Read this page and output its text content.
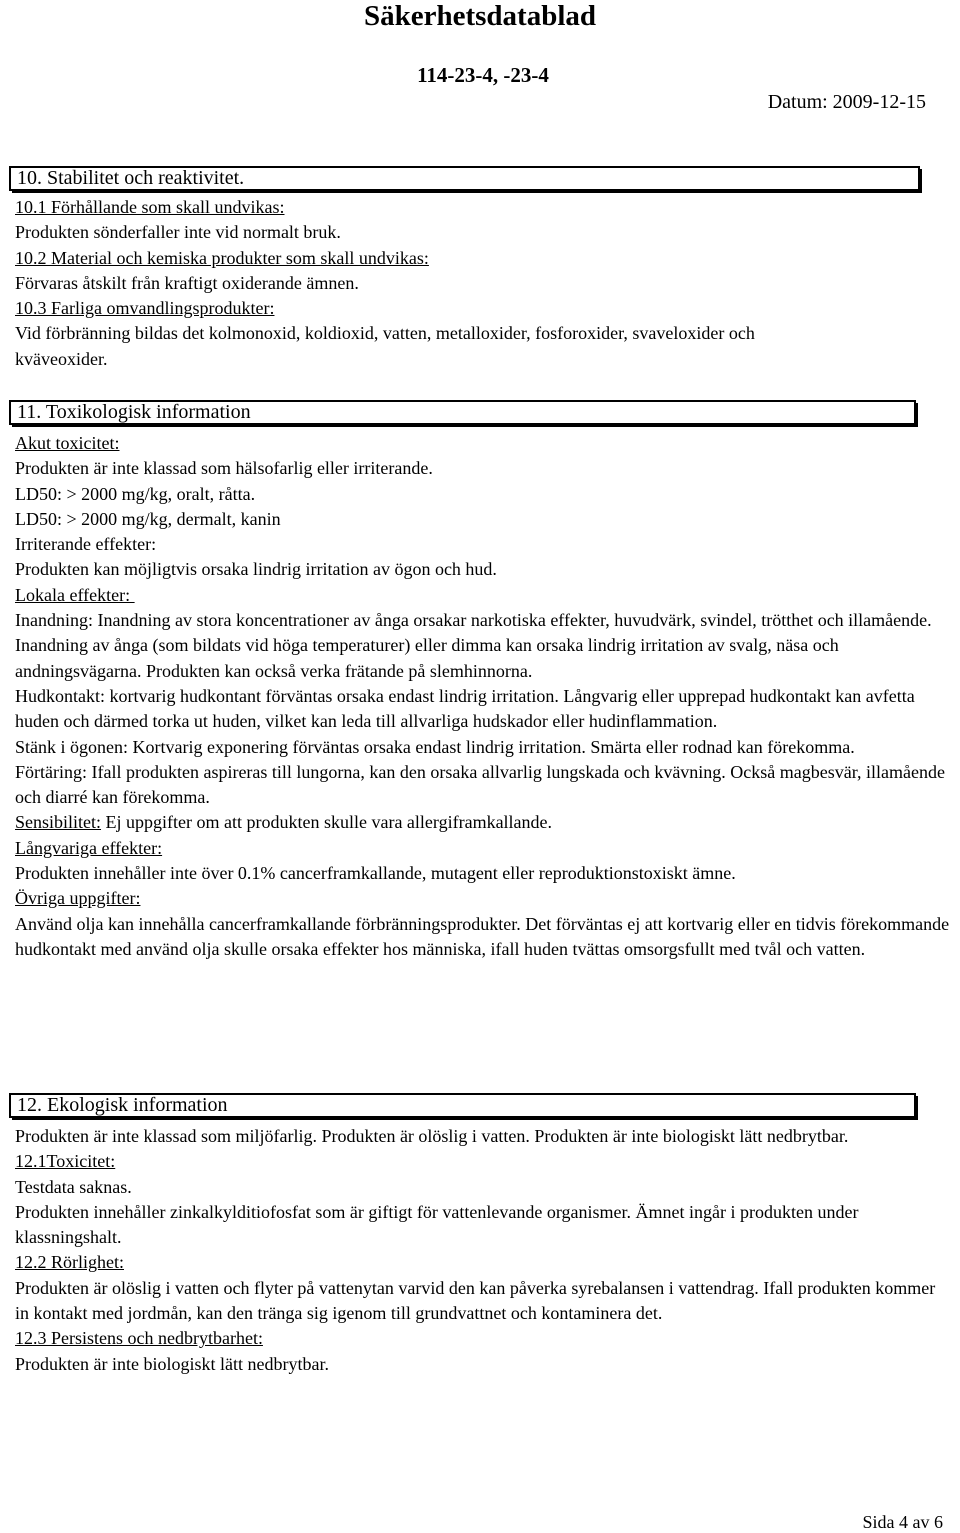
Säkerhetsdatablad
114-23-4, -23-4
Datum: 2009-12-15
10. Stabilitet och reaktivitet.
10.1 Förhållande som skall undvikas:
Produkten sönderfaller inte vid normalt bruk.
10.2 Material och kemiska produkter som skall undvikas:
Förvaras åtskilt från kraftigt oxiderande ämnen.
10.3 Farliga omvandlingsprodukter:
Vid förbränning bildas det kolmonoxid, koldioxid, vatten, metalloxider, fosforoxider, svaveloxider och
kväveoxider.
11. Toxikologisk information
Akut toxicitet:
Produkten är inte klassad som hälsofarlig eller irriterande.
LD50: > 2000 mg/kg, oralt, råtta.
LD50: > 2000 mg/kg, dermalt, kanin
Irriterande effekter:
Produkten kan möjligtvis orsaka lindrig irritation av ögon och hud.
Lokala effekter:
Inandning: Inandning av stora koncentrationer av ånga orsakar narkotiska effekter, huvudvärk, svindel, trötthet och illamående. Inandning av ånga (som bildats vid höga temperaturer) eller dimma kan orsaka lindrig irritation av svalg, näsa och andningsvägarna. Produkten kan också verka frätande på slemhinnorna.
Hudkontakt: kortvarig hudkontant förväntas orsaka endast lindrig irritation. Långvarig eller upprepad hudkontakt kan avfetta huden och därmed torka ut huden, vilket kan leda till allvarliga hudskador eller hudinflammation.
Stänk i ögonen: Kortvarig exponering förväntas orsaka endast lindrig irritation. Smärta eller rodnad kan förekomma.
Förtäring: Ifall produkten aspireras till lungorna, kan den orsaka allvarlig lungskada och kvävning. Också magbesvär, illamående och diarré kan förekomma.
Sensibilitet: Ej uppgifter om att produkten skulle vara allergiframkallande.
Långvariga effekter:
Produkten innehåller inte över 0.1% cancerframkallande, mutagent eller reproduktionstoxiskt ämne.
Övriga uppgifter:
Använd olja kan innehålla cancerframkallande förbränningsprodukter. Det förväntas ej att kortvarig eller en tidvis förekommande hudkontakt med använd olja skulle orsaka effekter hos människa, ifall huden tvättas omsorgsfullt med tvål och vatten.
12. Ekologisk information
Produkten är inte klassad som miljöfarlig. Produkten är olöslig i vatten. Produkten är inte biologiskt lätt nedbrytbar.
12.1Toxicitet:
Testdata saknas.
Produkten innehåller zinkalkylditiofosfat som är giftigt för vattenlevande organismer. Ämnet ingår i produkten under klassningshalt.
12.2 Rörlighet:
Produkten är olöslig i vatten och flyter på vattenytan varvid den kan påverka syrebalansen i vattendrag. Ifall produkten kommer in kontakt med jordmån, kan den tränga sig igenom till grundvattnet och kontaminera det.
12.3 Persistens och nedbrytbarhet:
Produkten är inte biologiskt lätt nedbrytbar.
Sida 4 av 6
